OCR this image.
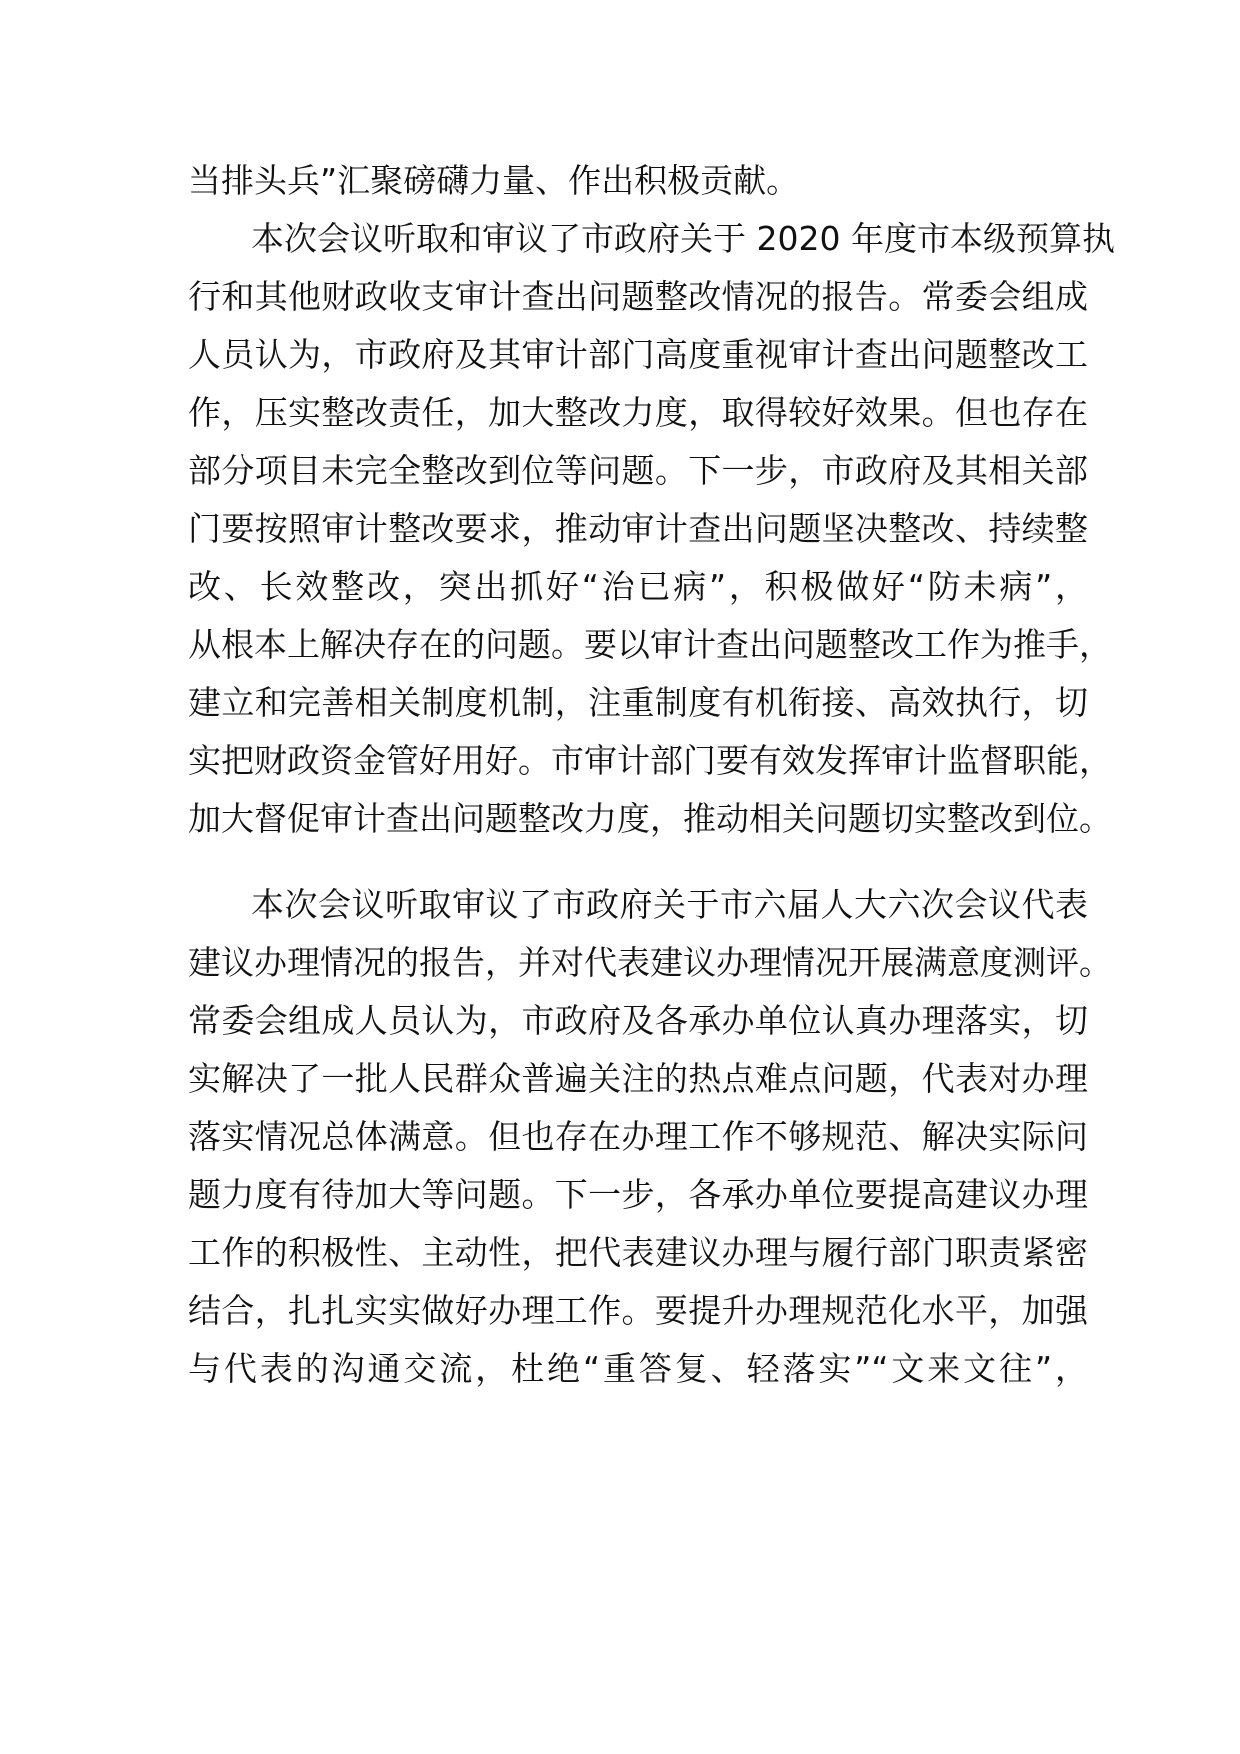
当排头兵”汇聚磅礴力量、作出积极贡献。
本次会议听取和审议了市政府关于 2020 年度市本级预算执
行和其他财政收支审计查出问题整改情况的报告。常委会组成
人员认为，市政府及其审计部门高度重视审计查出问题整改工
作，压实整改责任，加大整改力度，取得较好效果。但也存在
部分项目未完全整改到位等问题。下一步，市政府及其相关部
门要按照审计整改要求，推动审计查出问题坚决整改、持续整
改、长效整改，突出抓好“治已病”，积极做好“防未病”，
从根本上解决存在的问题。要以审计查出问题整改工作为推手，
建立和完善相关制度机制，注重制度有机衔接、高效执行，切
实把财政资金管好用好。市审计部门要有效发挥审计监督职能，
加大督促审计查出问题整改力度，推动相关问题切实整改到位。
本次会议听取审议了市政府关于市六届人大六次会议代表
建议办理情况的报告，并对代表建议办理情况开展满意度测评。
常委会组成人员认为，市政府及各承办单位认真办理落实，切
实解决了一批人民群众普遍关注的热点难点问题，代表对办理
落实情况总体满意。但也存在办理工作不够规范、解决实际问
题力度有待加大等问题。下一步，各承办单位要提高建议办理
工作的积极性、主动性，把代表建议办理与履行部门职责紧密
结合，扎扎实实做好办理工作。要提升办理规范化水平，加强
与代表的沟通交流，杜绝“重答复、轻落实”“文来文往”，
